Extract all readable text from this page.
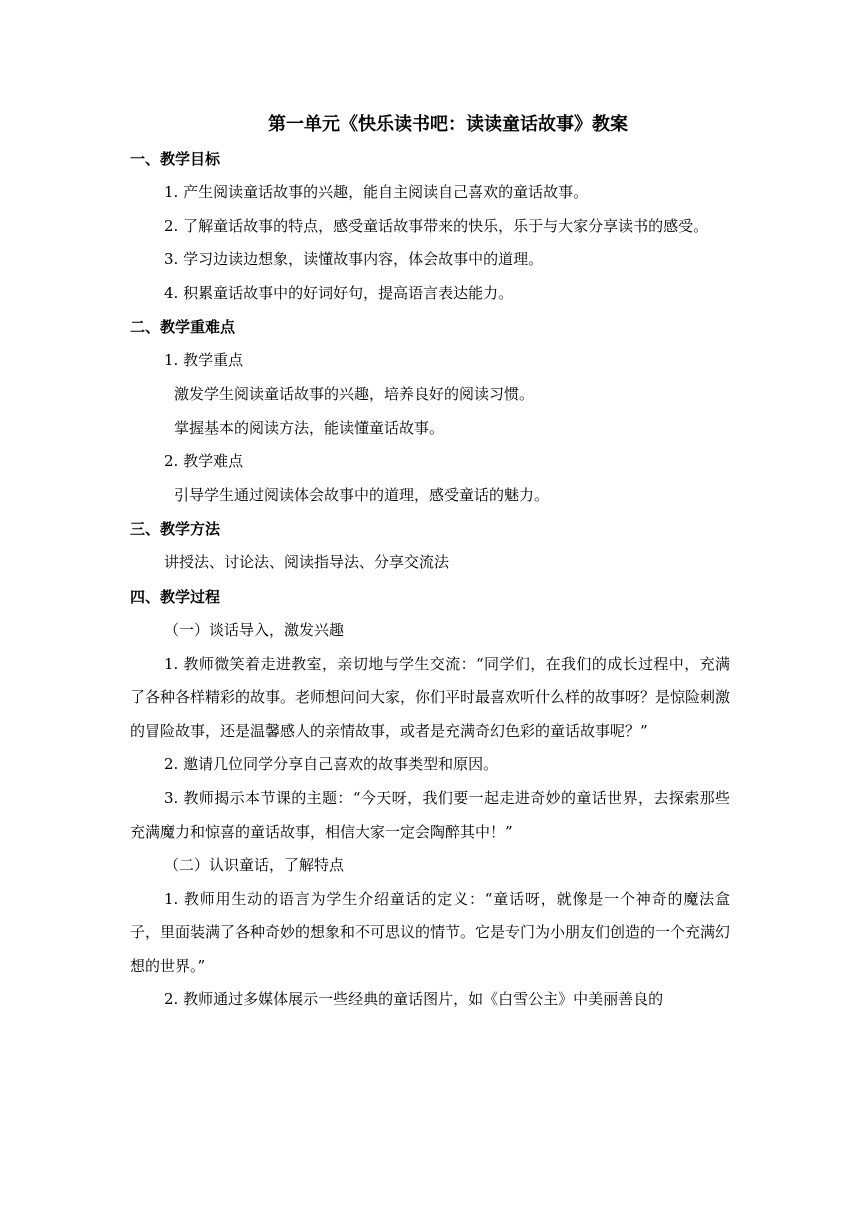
第一单元《快乐读书吧：读读童话故事》教案
一、教学目标
1. 产生阅读童话故事的兴趣，能自主阅读自己喜欢的童话故事。
2. 了解童话故事的特点，感受童话故事带来的快乐，乐于与大家分享读书的感受。
3. 学习边读边想象，读懂故事内容，体会故事中的道理。
4. 积累童话故事中的好词好句，提高语言表达能力。
二、教学重难点
1. 教学重点
激发学生阅读童话故事的兴趣，培养良好的阅读习惯。
掌握基本的阅读方法，能读懂童话故事。
2. 教学难点
引导学生通过阅读体会故事中的道理，感受童话的魅力。
三、教学方法
讲授法、讨论法、阅读指导法、分享交流法
四、教学过程
（一）谈话导入，激发兴趣
1. 教师微笑着走进教室，亲切地与学生交流：“同学们，在我们的成长过程中，充满了各种各样精彩的故事。老师想问问大家，你们平时最喜欢听什么样的故事呀？是惊险刺激的冒险故事，还是温馨感人的亲情故事，或者是充满奇幻色彩的童话故事呢？”
2. 邀请几位同学分享自己喜欢的故事类型和原因。
3. 教师揭示本节课的主题：“今天呀，我们要一起走进奇妙的童话世界，去探索那些充满魔力和惊喜的童话故事，相信大家一定会陶醉其中！”
（二）认识童话，了解特点
1. 教师用生动的语言为学生介绍童话的定义：“童话呀，就像是一个神奇的魔法盒子，里面装满了各种奇妙的想象和不可思议的情节。它是专门为小朋友们创造的一个充满幻想的世界。”
2. 教师通过多媒体展示一些经典的童话图片，如《白雪公主》中美丽善良的
